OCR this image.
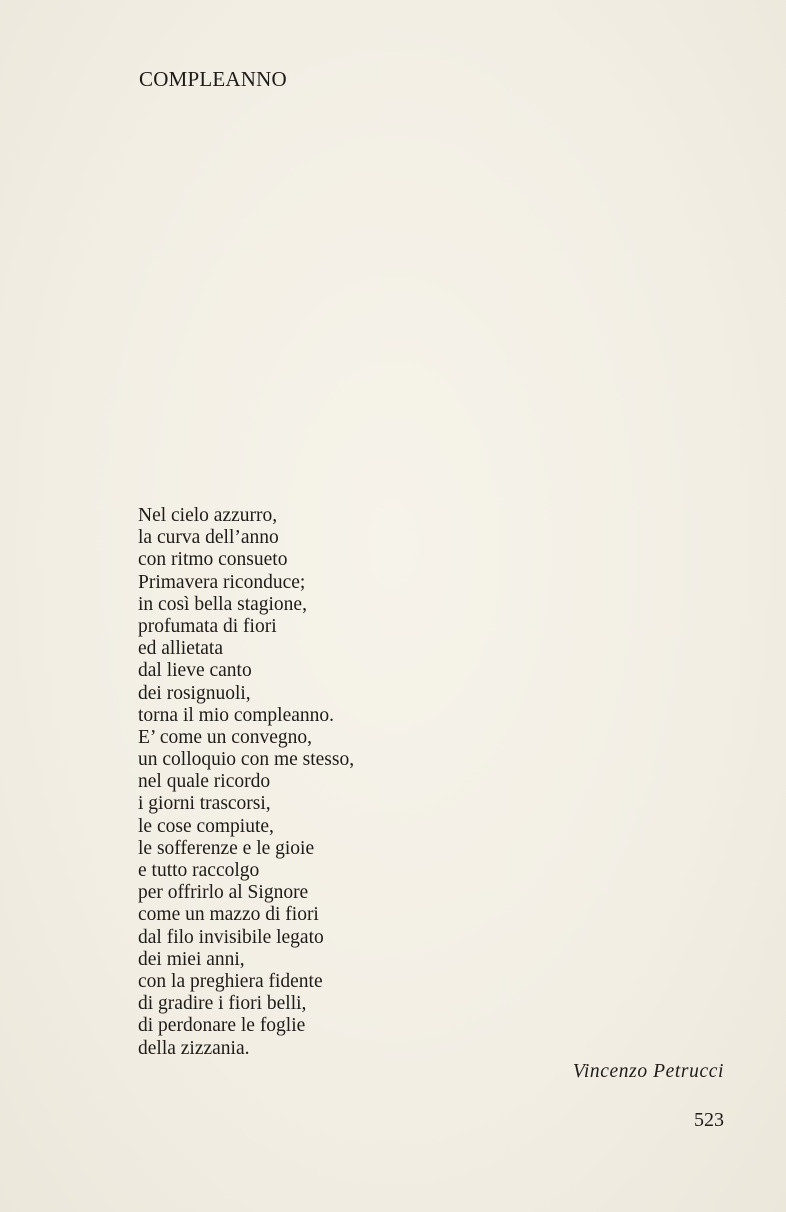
COMPLEANNO
Nel cielo azzurro,
la curva dell’anno
con ritmo consueto
Primavera riconduce;
in così bella stagione,
profumata di fiori
ed allietata
dal lieve canto
dei rosignuoli,
torna il mio compleanno.
E’ come un convegno,
un colloquio con me stesso,
nel quale ricordo
i giorni trascorsi,
le cose compiute,
le sofferenze e le gioie
e tutto raccolgo
per offrirlo al Signore
come un mazzo di fiori
dal filo invisibile legato
dei miei anni,
con la preghiera fidente
di gradire i fiori belli,
di perdonare le foglie
della zizzania.
Vincenzo Petrucci
523
